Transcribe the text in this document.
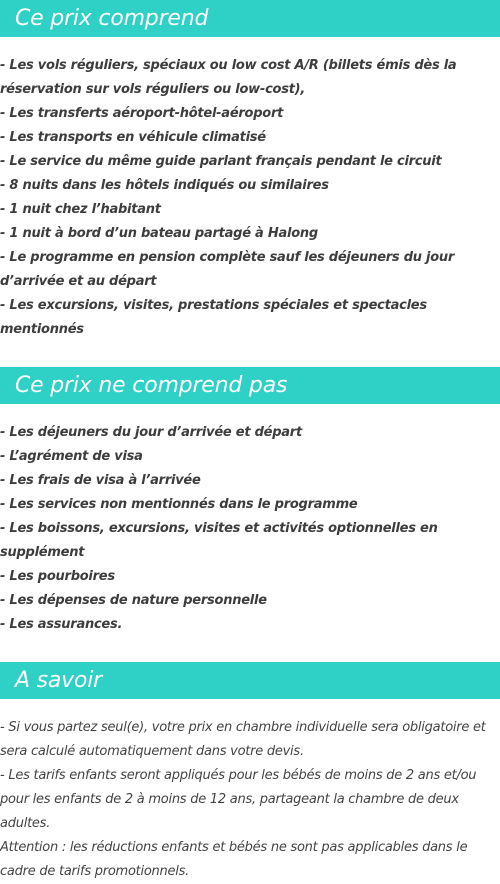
Ce prix comprend
- Les vols réguliers, spéciaux ou low cost A/R (billets émis dès la réservation sur vols réguliers ou low-cost),
- Les transferts aéroport-hôtel-aéroport
- Les transports en véhicule climatisé
- Le service du même guide parlant français pendant le circuit
- 8 nuits dans les hôtels indiqués ou similaires
- 1 nuit chez l’habitant
- 1 nuit à bord d’un bateau partagé à Halong
- Le programme en pension complète sauf les déjeuners du jour d’arrivée et au départ
- Les excursions, visites, prestations spéciales et spectacles mentionnés
Ce prix ne comprend pas
- Les déjeuners du jour d’arrivée et départ
- L’agrément de visa
- Les frais de visa à l’arrivée
- Les services non mentionnés dans le programme
- Les boissons, excursions, visites et activités optionnelles en supplément
- Les pourboires
- Les dépenses de nature personnelle
- Les assurances.
A savoir
- Si vous partez seul(e), votre prix en chambre individuelle sera obligatoire et sera calculé automatiquement dans votre devis.
- Les tarifs enfants seront appliqués pour les bébés de moins de 2 ans et/ou pour les enfants de 2 à moins de 12 ans, partageant la chambre de deux adultes.
Attention : les réductions enfants et bébés ne sont pas applicables dans le cadre de tarifs promotionnels.
